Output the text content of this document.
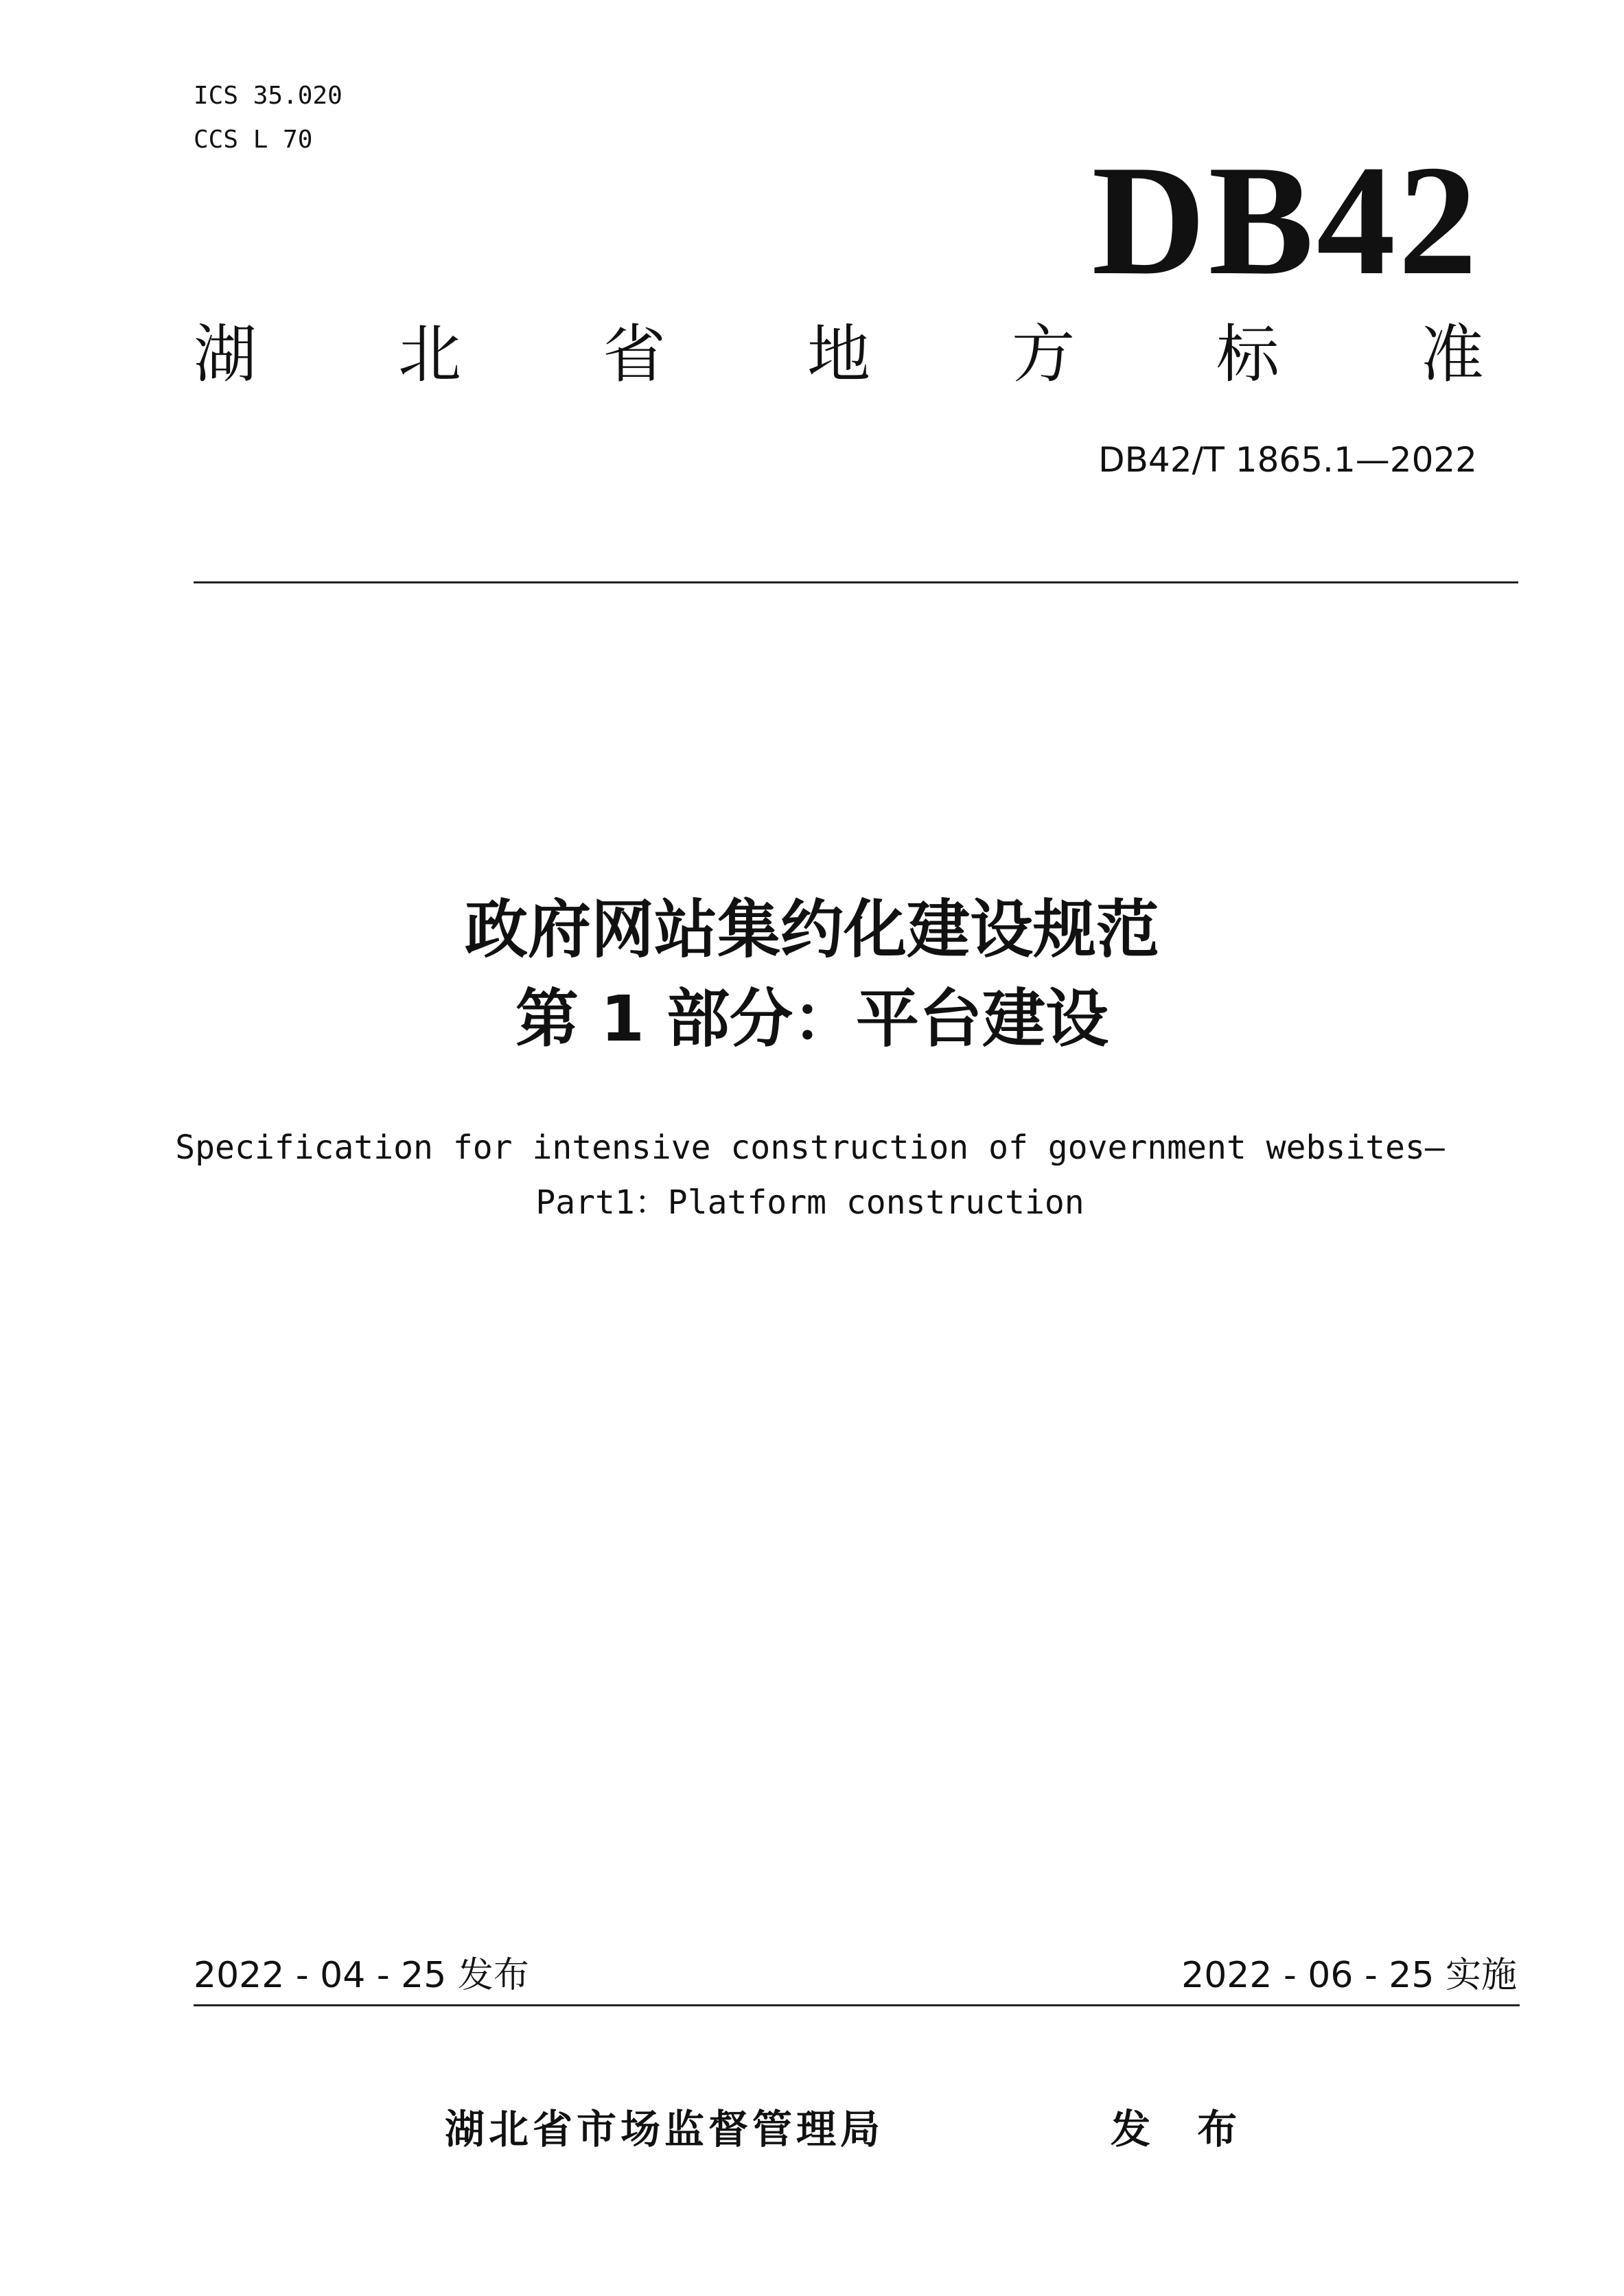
ICS 35.020
CCS L 70	DB42
湖 北 省 地 方 标 准
DB42/T 1865.1—2022
政府网站集约化建设规范
第 1 部分：平台建设
Specification for intensive construction of government websites—
Part1：Platform construction
2022 - 04 - 25 发布	2022 - 06 - 25 实施
湖北省市场监督管理局	发 布
